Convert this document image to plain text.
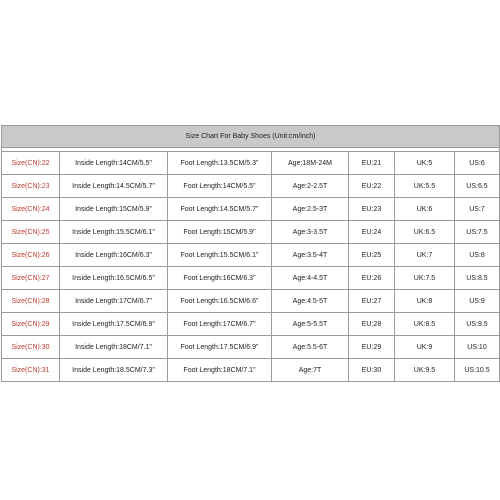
Size Chart For Baby Shoes (Unit:cm/inch)						

Size(CN):22	Inside Length:14CM/5.5"	Foot Length:13.5CM/5.3"	Age:18M-24M	EU:21	UK:5	US:6
Size(CN):23	Inside Length:14.5CM/5.7"	Foot Length:14CM/5.5"	Age:2-2.5T	EU:22	UK:5.5	US:6.5
Size(CN):24	Inside Length:15CM/5.9"	Foot Length:14.5CM/5.7"	Age:2.5-3T	EU:23	UK:6	US:7
Size(CN):25	Inside Length:15.5CM/6.1"	Foot Length:15CM/5.9"	Age:3-3.5T	EU:24	UK:6.5	US:7.5
Size(CN):26	Inside Length:16CM/6.3"	Foot Length:15.5CM/6.1"	Age:3.5-4T	EU:25	UK:7	US:8
Size(CN):27	Inside Length:16.5CM/6.5"	Foot Length:16CM/6.3"	Age:4-4.5T	EU:26	UK:7.5	US:8.5
Size(CN):28	Inside Length:17CM/6.7"	Foot Length:16.5CM/6.6"	Age:4.5-5T	EU:27	UK:8	US:9
Size(CN):29	Inside Length:17.5CM/6.9"	Foot Length:17CM/6.7"	Age:5-5.5T	EU:28	UK:8.5	US:9.5
Size(CN):30	Inside Length:18CM/7.1"	Foot Length:17.5CM/6.9"	Age:5.5-6T	EU:29	UK:9	US:10
Size(CN):31	Inside Length:18.5CM/7.3"	Foot Length:18CM/7.1"	Age:7T	EU:30	UK:9.5	US:10.5
